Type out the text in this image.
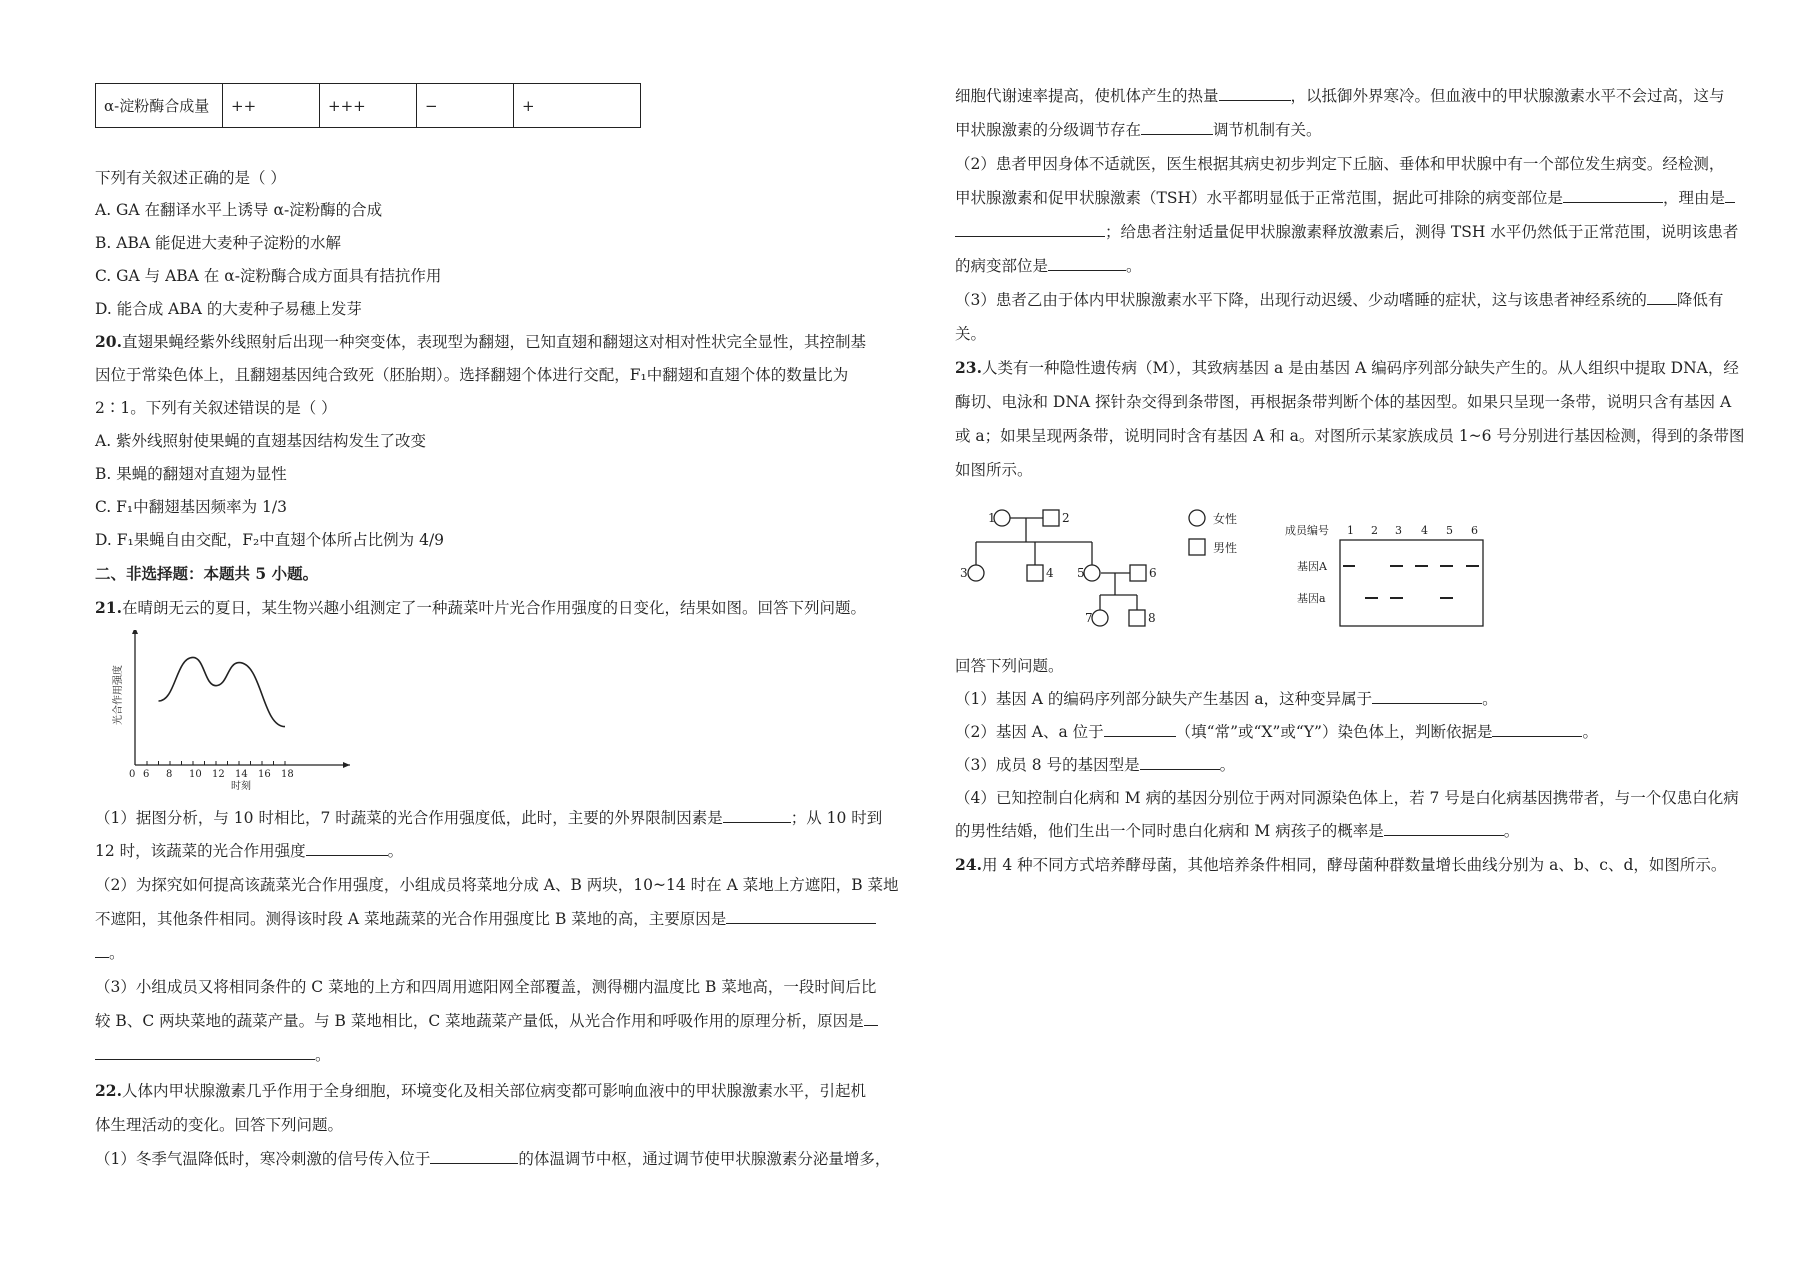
α-淀粉酶合成量	++	+++	−	+
下列有关叙述正确的是（ ）
A. GA 在翻译水平上诱导 α-淀粉酶的合成
B. ABA 能促进大麦种子淀粉的水解
C. GA 与 ABA 在 α-淀粉酶合成方面具有拮抗作用
D. 能合成 ABA 的大麦种子易穗上发芽
20.直翅果蝇经紫外线照射后出现一种突变体，表现型为翻翅，已知直翅和翻翅这对相对性状完全显性，其控制基
因位于常染色体上，且翻翅基因纯合致死（胚胎期）。选择翻翅个体进行交配，F₁中翻翅和直翅个体的数量比为
2∶1。下列有关叙述错误的是（ ）
A. 紫外线照射使果蝇的直翅基因结构发生了改变
B. 果蝇的翻翅对直翅为显性
C. F₁中翻翅基因频率为 1/3
D. F₁果蝇自由交配，F₂中直翅个体所占比例为 4/9
二、非选择题：本题共 5 小题。
21.在晴朗无云的夏日，某生物兴趣小组测定了一种蔬菜叶片光合作用强度的日变化，结果如图。回答下列问题。
0 6 8 10 12 14 16 18
时刻
光合作用强度
（1）据图分析，与 10 时相比，7 时蔬菜的光合作用强度低，此时，主要的外界限制因素是	；从 10 时到
12 时，该蔬菜的光合作用强度	。
（2）为探究如何提高该蔬菜光合作用强度，小组成员将菜地分成 A、B 两块，10~14 时在 A 菜地上方遮阳，B 菜地
不遮阳，其他条件相同。测得该时段 A 菜地蔬菜的光合作用强度比 B 菜地的高，主要原因是
。
（3）小组成员又将相同条件的 C 菜地的上方和四周用遮阳网全部覆盖，测得棚内温度比 B 菜地高，一段时间后比
较 B、C 两块菜地的蔬菜产量。与 B 菜地相比，C 菜地蔬菜产量低，从光合作用和呼吸作用的原理分析，原因是
。
22.人体内甲状腺激素几乎作用于全身细胞，环境变化及相关部位病变都可影响血液中的甲状腺激素水平，引起机
体生理活动的变化。回答下列问题。
（1）冬季气温降低时，寒冷刺激的信号传入位于	的体温调节中枢，通过调节使甲状腺激素分泌量增多，
细胞代谢速率提高，使机体产生的热量	，以抵御外界寒冷。但血液中的甲状腺激素水平不会过高，这与
甲状腺激素的分级调节存在	调节机制有关。
（2）患者甲因身体不适就医，医生根据其病史初步判定下丘脑、垂体和甲状腺中有一个部位发生病变。经检测，
甲状腺激素和促甲状腺激素（TSH）水平都明显低于正常范围，据此可排除的病变部位是	，理由是
；给患者注射适量促甲状腺激素释放激素后，测得 TSH 水平仍然低于正常范围，说明该患者
的病变部位是	。
（3）患者乙由于体内甲状腺激素水平下降，出现行动迟缓、少动嗜睡的症状，这与该患者神经系统的 降低有
关。
23.人类有一种隐性遗传病（M），其致病基因 a 是由基因 A 编码序列部分缺失产生的。从人组织中提取 DNA，经
酶切、电泳和 DNA 探针杂交得到条带图，再根据条带判断个体的基因型。如果只呈现一条带，说明只含有基因 A
或 a；如果呈现两条带，说明同时含有基因 A 和 a。对图所示某家族成员 1~6 号分别进行基因检测，得到的条带图
如图所示。
1	2
3	4 5	6
7	8
女性
男性
成员编号 1 2 3 4 5 6
基因A
基因a
回答下列问题。
（1）基因 A 的编码序列部分缺失产生基因 a，这种变异属于	。
（2）基因 A、a 位于	（填“常”或“X”或“Y”）染色体上，判断依据是	。
（3）成员 8 号的基因型是	。
（4）已知控制白化病和 M 病的基因分别位于两对同源染色体上，若 7 号是白化病基因携带者，与一个仅患白化病
的男性结婚，他们生出一个同时患白化病和 M 病孩子的概率是	。
24.用 4 种不同方式培养酵母菌，其他培养条件相同，酵母菌种群数量增长曲线分别为 a、b、c、d，如图所示。
